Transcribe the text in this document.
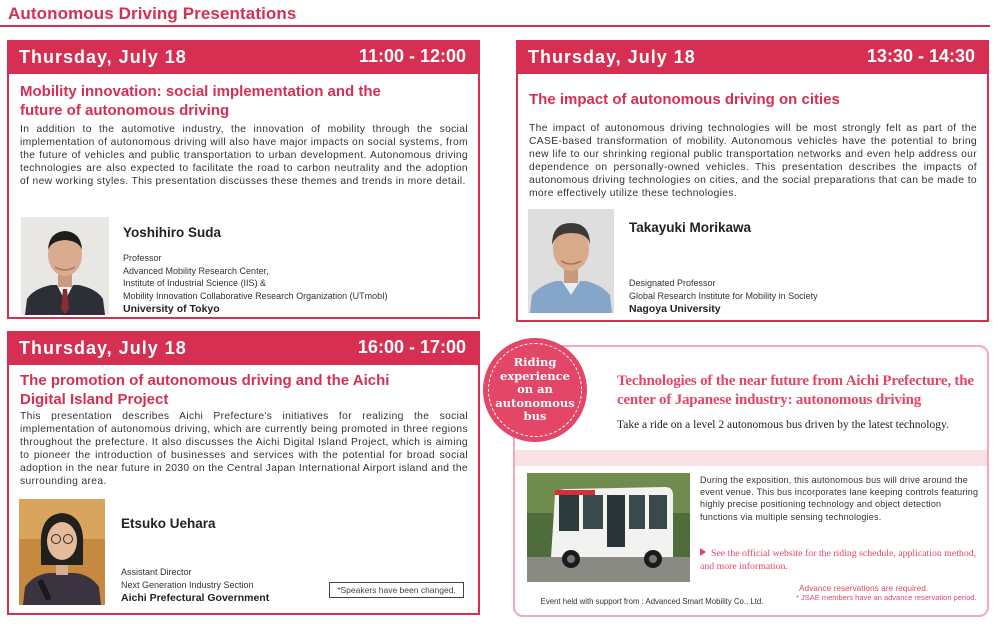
Autonomous Driving Presentations
Thursday, July 18	11:00 - 12:00
Mobility innovation: social implementation and the future of autonomous driving
In addition to the automotive industry, the innovation of mobility through the social implementation of autonomous driving will also have major impacts on social systems, from the future of vehicles and public transportation to urban development. Autonomous driving technologies are also expected to facilitate the road to carbon neutrality and the adoption of new working styles. This presentation discusses these themes and trends in more detail.
Yoshihiro Suda
Professor
Advanced Mobility Research Center,
Institute of Industrial Science (IIS) &
Mobility Innovation Collaborative Research Organization (UTmobI)
University of Tokyo
Thursday, July 18	13:30 - 14:30
The impact of autonomous driving on cities
The impact of autonomous driving technologies will be most strongly felt as part of the CASE-based transformation of mobility. Autonomous vehicles have the potential to bring new life to our shrinking regional public transportation networks and even help address our dependence on personally-owned vehicles. This presentation describes the impacts of autonomous driving technologies on cities, and the social preparations that can be made to more effectively utilize these technologies.
Takayuki Morikawa
Designated Professor
Global Research Institute for Mobility in Society
Nagoya University
Thursday, July 18	16:00 - 17:00
The promotion of autonomous driving and the Aichi Digital Island Project
This presentation describes Aichi Prefecture's initiatives for realizing the social implementation of autonomous driving, which are currently being promoted in three regions throughout the prefecture. It also discusses the Aichi Digital Island Project, which is aiming to pioneer the introduction of businesses and services with the potential for broad social adoption in the near future in 2030 on the Central Japan International Airport island and the surrounding area.
Etsuko Uehara
Assistant Director
Next Generation Industry Section
Aichi Prefectural Government
*Speakers have been changed.
Technologies of the near future from Aichi Prefecture, the center of Japanese industry: autonomous driving
Take a ride on a level 2 autonomous bus driven by the latest technology.
During the exposition, this autonomous bus will drive around the event venue. This bus incorporates lane keeping controls featuring highly precise positioning technology and object detection functions via multiple sensing technologies.
See the official website for the riding schedule, application method, and more information.
Advance reservations are required.
* JSAE members have an advance reservation period.
Event held with support from : Advanced Smart Mobility Co., Ltd.
Riding experience on an autonomous bus
